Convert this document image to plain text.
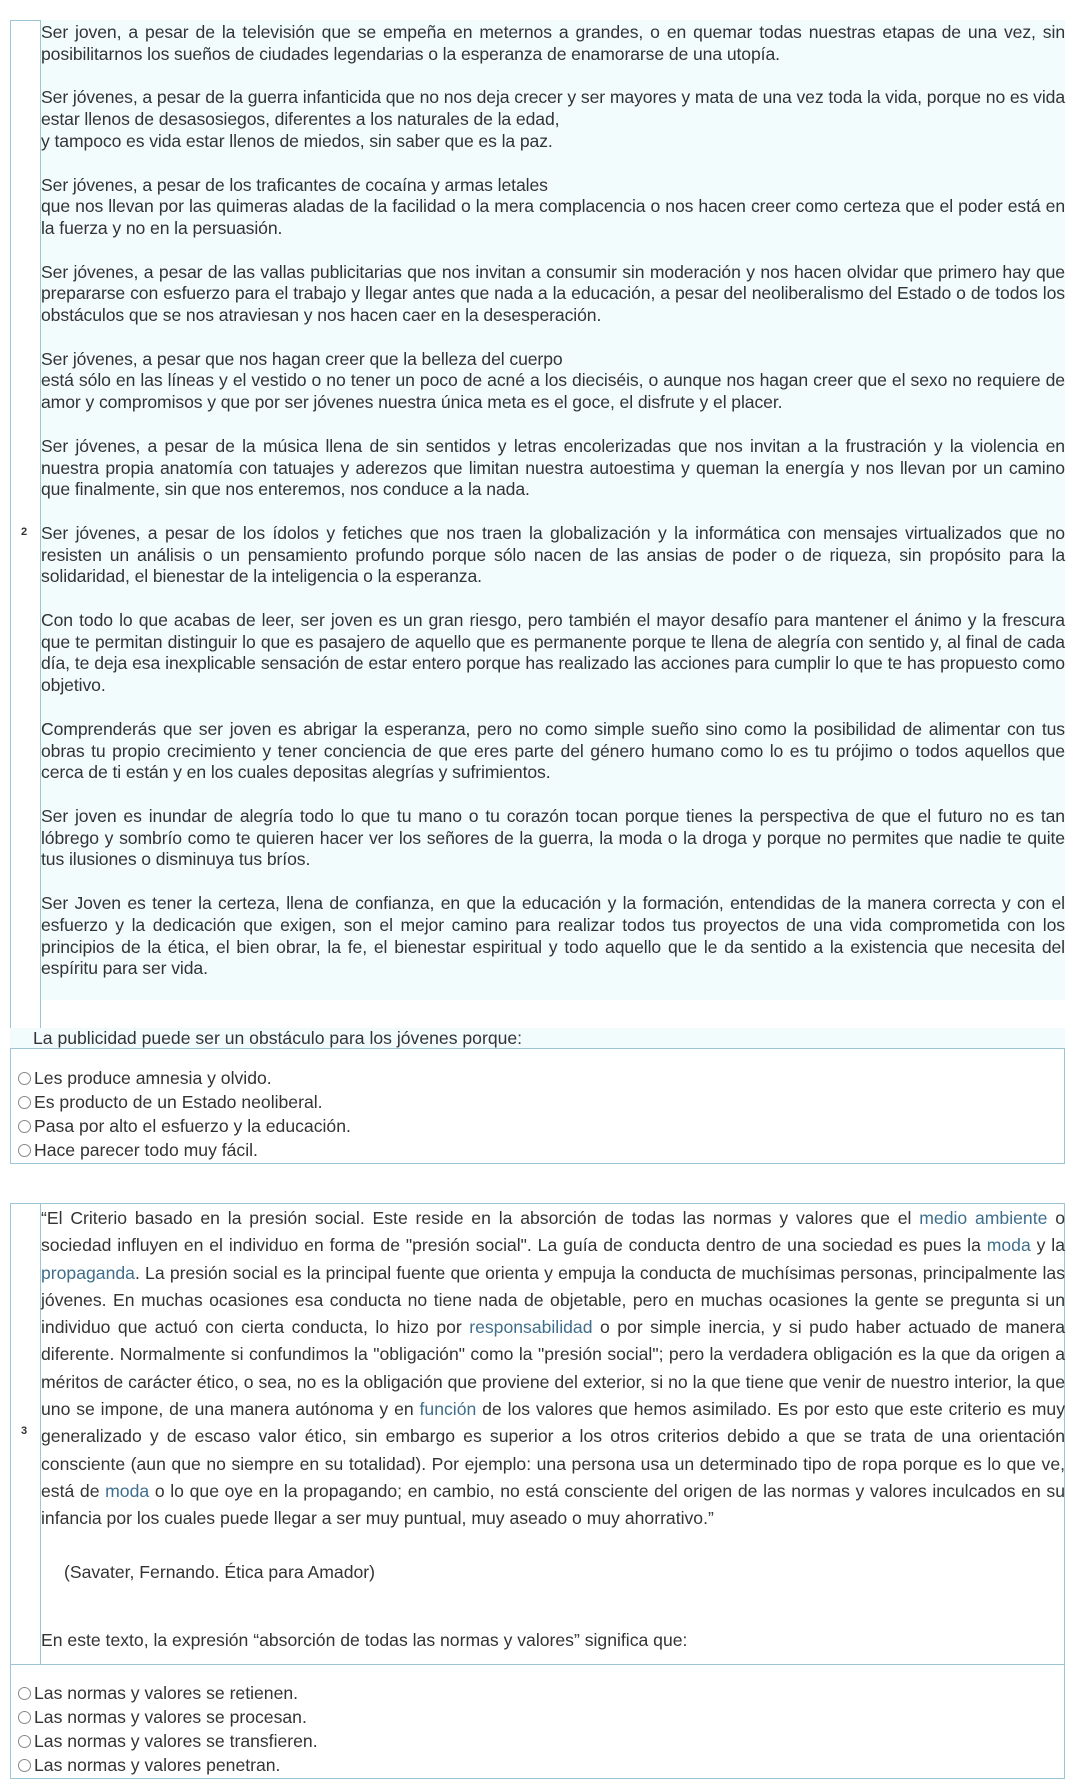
2

Ser joven, a pesar de la televisión que se empeña en meternos a grandes, o en quemar todas nuestras etapas de una vez, sin posibilitarnos los sueños de ciudades legendarias o la esperanza de enamorarse de una utopía.

Ser jóvenes, a pesar de la guerra infanticida que no nos deja crecer y ser mayores y mata de una vez toda la vida, porque no es vida estar llenos de desasosiegos, diferentes a los naturales de la edad,
y tampoco es vida estar llenos de miedos, sin saber que es la paz.

Ser jóvenes, a pesar de los traficantes de cocaína y armas letales
que nos llevan por las quimeras aladas de la facilidad o la mera complacencia o nos hacen creer como certeza que el poder está en la fuerza y no en la persuasión.

Ser jóvenes, a pesar de las vallas publicitarias que nos invitan a consumir sin moderación y nos hacen olvidar que primero hay que prepararse con esfuerzo para el trabajo y llegar antes que nada a la educación, a pesar del neoliberalismo del Estado o de todos los obstáculos que se nos atraviesan y nos hacen caer en la desesperación.

Ser jóvenes, a pesar que nos hagan creer que la belleza del cuerpo
está sólo en las líneas y el vestido o no tener un poco de acné a los dieciséis, o aunque nos hagan creer que el sexo no requiere de amor y compromisos y que por ser jóvenes nuestra única meta es el goce, el disfrute y el placer.

Ser jóvenes, a pesar de la música llena de sin sentidos y letras encolerizadas que nos invitan a la frustración y la violencia en nuestra propia anatomía con tatuajes y aderezos que limitan nuestra autoestima y queman la energía y nos llevan por un camino que finalmente, sin que nos enteremos, nos conduce a la nada.

Ser jóvenes, a pesar de los ídolos y fetiches que nos traen la globalización y la informática con mensajes virtualizados que no resisten un análisis o un pensamiento profundo porque sólo nacen de las ansias de poder o de riqueza, sin propósito para la solidaridad, el bienestar de la inteligencia o la esperanza.

Con todo lo que acabas de leer, ser joven es un gran riesgo, pero también el mayor desafío para mantener el ánimo y la frescura que te permitan distinguir lo que es pasajero de aquello que es permanente porque te llena de alegría con sentido y, al final de cada día, te deja esa inexplicable sensación de estar entero porque has realizado las acciones para cumplir lo que te has propuesto como objetivo.

Comprenderás que ser joven es abrigar la esperanza, pero no como simple sueño sino como la posibilidad de alimentar con tus obras tu propio crecimiento y tener conciencia de que eres parte del género humano como lo es tu prójimo o todos aquellos que cerca de ti están y en los cuales depositas alegrías y sufrimientos.

Ser joven es inundar de alegría todo lo que tu mano o tu corazón tocan porque tienes la perspectiva de que el futuro no es tan lóbrego y sombrío como te quieren hacer ver los señores de la guerra, la moda o la droga y porque no permites que nadie te quite tus ilusiones o disminuya tus bríos.

Ser Joven es tener la certeza, llena de confianza, en que la educación y la formación, entendidas de la manera correcta y con el esfuerzo y la dedicación que exigen, son el mejor camino para realizar todos tus proyectos de una vida comprometida con los principios de la ética, el bien obrar, la fe, el bienestar espiritual y todo aquello que le da sentido a la existencia que necesita del espíritu para ser vida.

La publicidad puede ser un obstáculo para los jóvenes porque:
Les produce amnesia y olvido.
Es producto de un Estado neoliberal.
Pasa por alto el esfuerzo y la educación.
Hace parecer todo muy fácil.
3
“El Criterio basado en la presión social. Este reside en la absorción de todas las normas y valores que el medio ambiente o sociedad influyen en el individuo en forma de "presión social". La guía de conducta dentro de una sociedad es pues la moda y la propaganda. La presión social es la principal fuente que orienta y empuja la conducta de muchísimas personas, principalmente las jóvenes. En muchas ocasiones esa conducta no tiene nada de objetable, pero en muchas ocasiones la gente se pregunta si un individuo que actuó con cierta conducta, lo hizo por responsabilidad o por simple inercia, y si pudo haber actuado de manera diferente. Normalmente si confundimos la "obligación" como la "presión social"; pero la verdadera obligación es la que da origen a méritos de carácter ético, o sea, no es la obligación que proviene del exterior, si no la que tiene que venir de nuestro interior, la que uno se impone, de una manera autónoma y en función de los valores que hemos asimilado. Es por esto que este criterio es muy generalizado y de escaso valor ético, sin embargo es superior a los otros criterios debido a que se trata de una orientación consciente (aun que no siempre en su totalidad). Por ejemplo: una persona usa un determinado tipo de ropa porque es lo que ve, está de moda o lo que oye en la propagando; en cambio, no está consciente del origen de las normas y valores inculcados en su infancia por los cuales puede llegar a ser muy puntual, muy aseado o muy ahorrativo.”
(Savater, Fernando. Ética para Amador)
En este texto, la expresión “absorción de todas las normas y valores” significa que:
Las normas y valores se retienen.
Las normas y valores se procesan.
Las normas y valores se transfieren.
Las normas y valores penetran.
